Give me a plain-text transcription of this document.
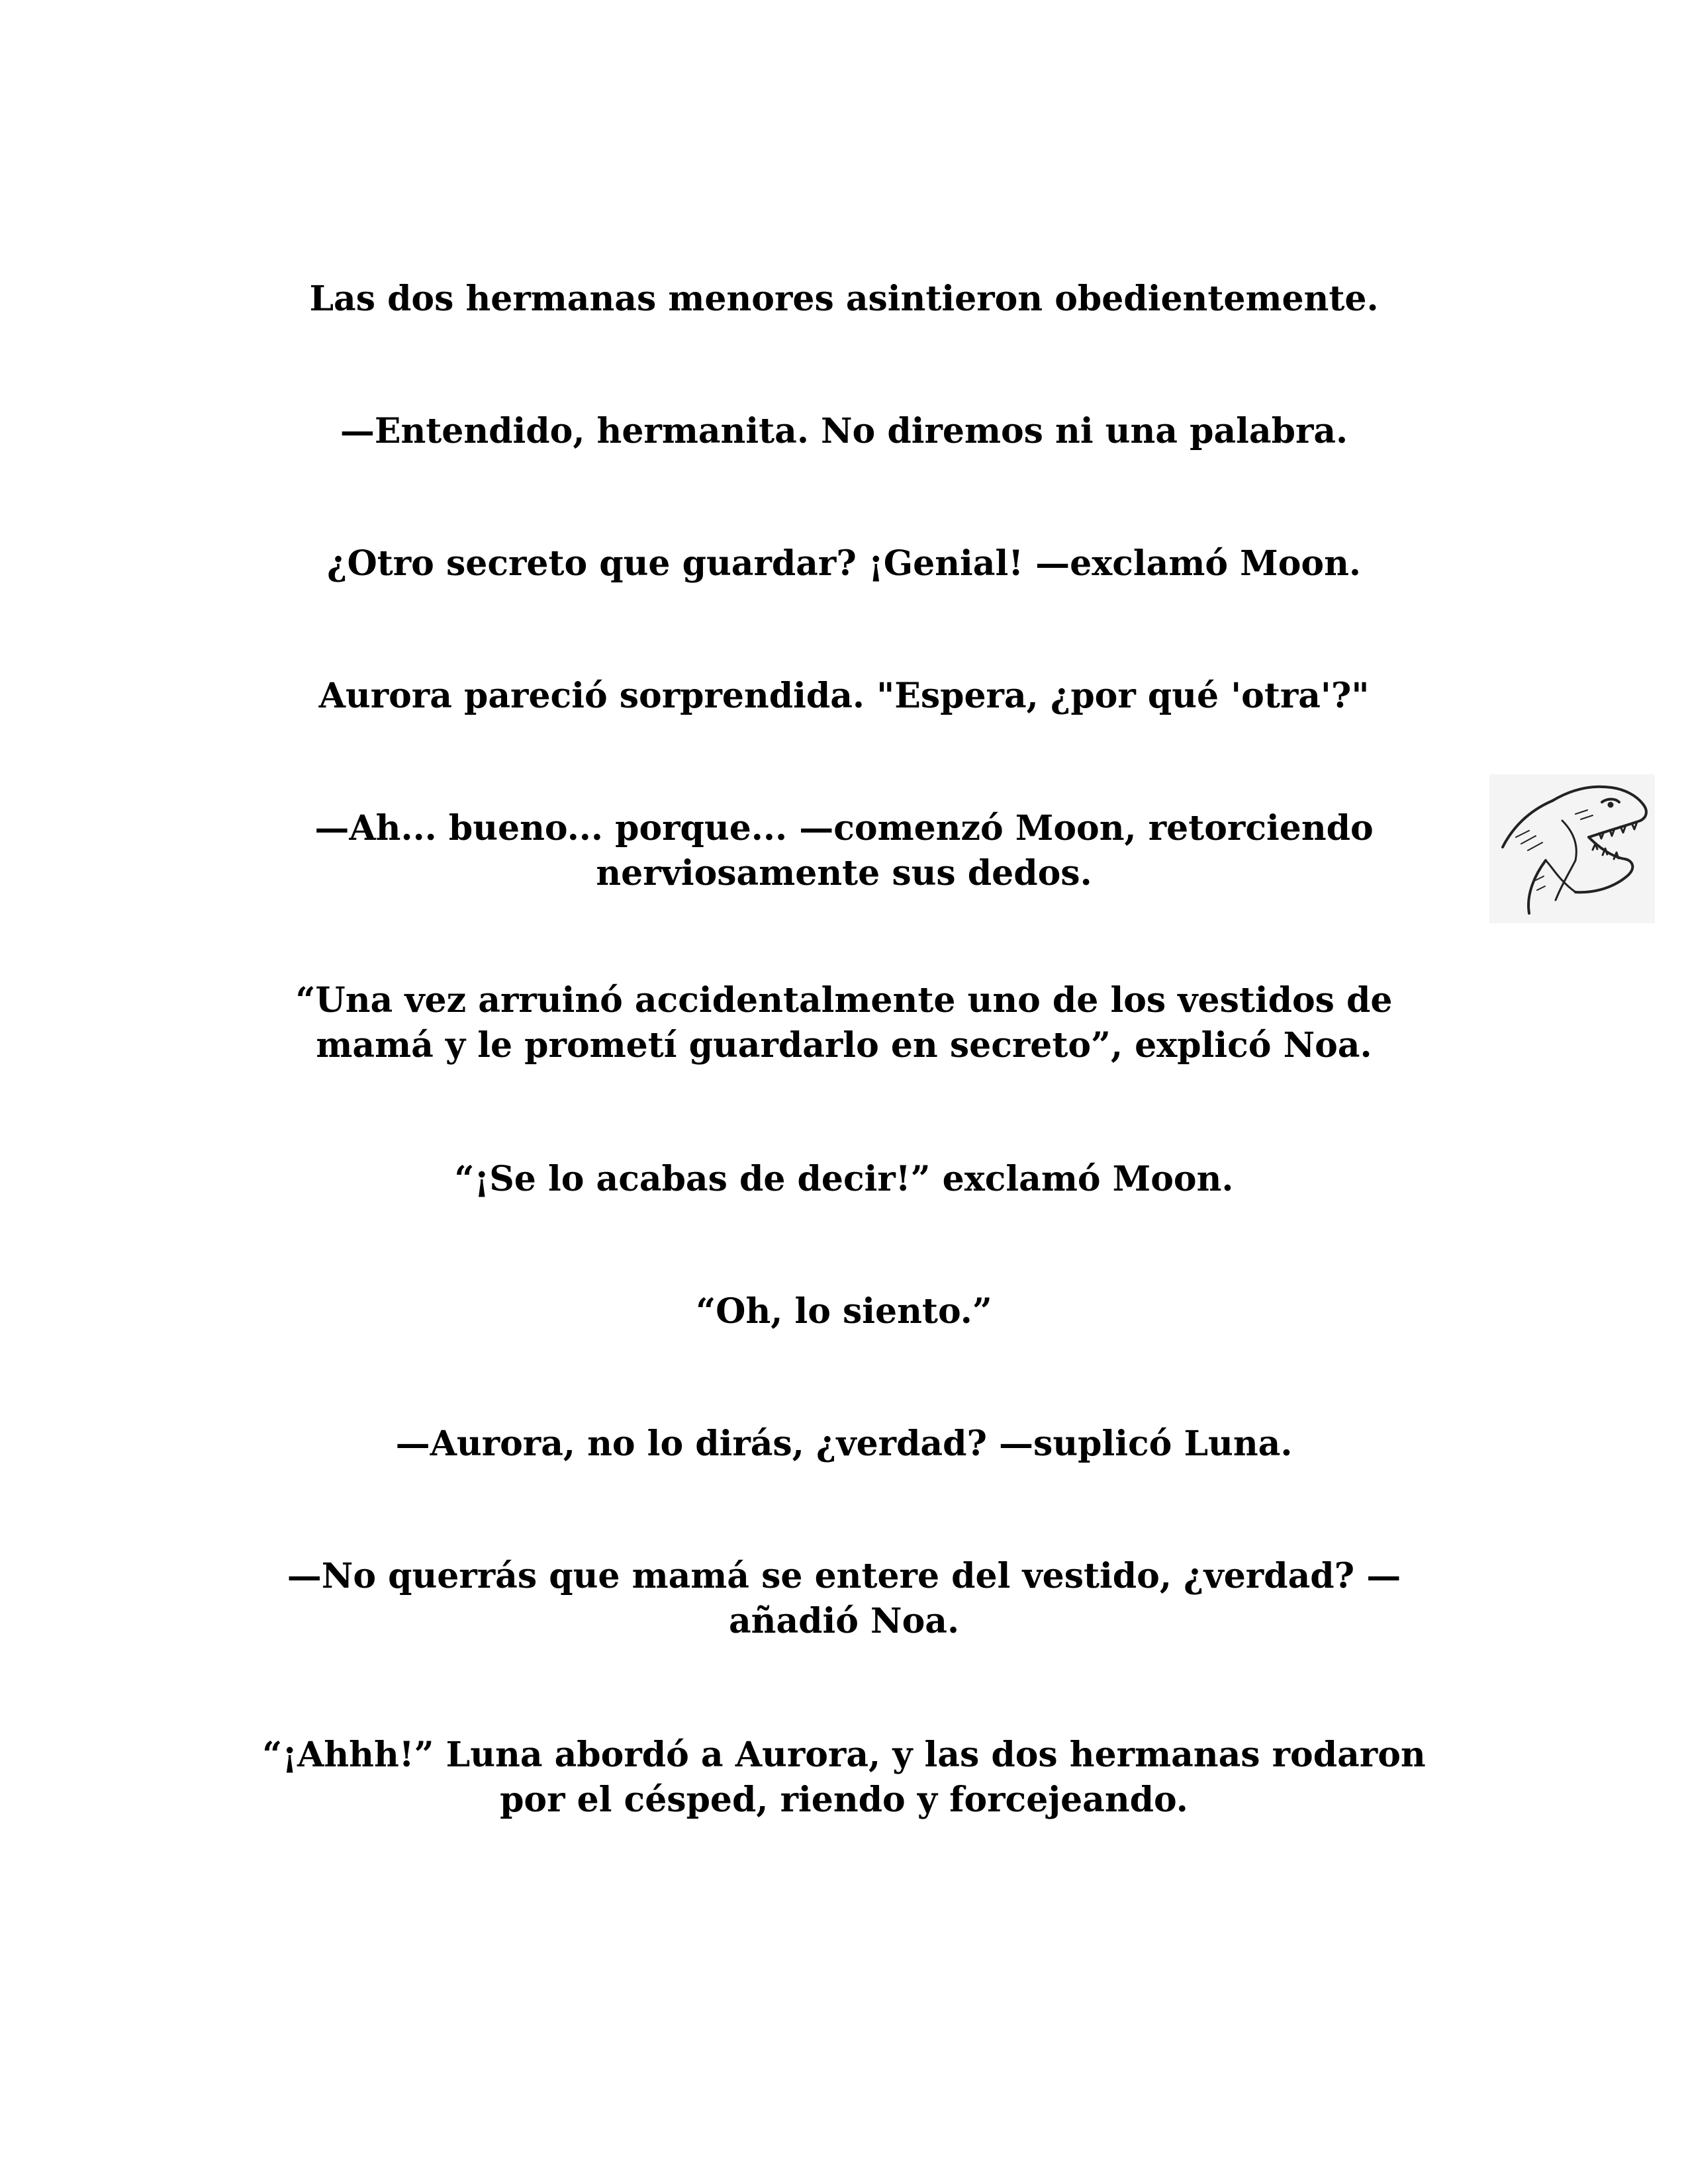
Las dos hermanas menores asintieron obedientemente.

—Entendido, hermanita. No diremos ni una palabra.

¿Otro secreto que guardar? ¡Genial! —exclamó Moon.

Aurora pareció sorprendida. "Espera, ¿por qué 'otra'?"

—Ah... bueno... porque... —comenzó Moon, retorciendo nerviosamente sus dedos.

“Una vez arruinó accidentalmente uno de los vestidos de mamá y le prometí guardarlo en secreto”, explicó Noa.

“¡Se lo acabas de decir!” exclamó Moon.

“Oh, lo siento.”

—Aurora, no lo dirás, ¿verdad? —suplicó Luna.

—No querrás que mamá se entere del vestido, ¿verdad? —añadió Noa.

“¡Ahhh!” Luna abordó a Aurora, y las dos hermanas rodaron por el césped, riendo y forcejeando.
